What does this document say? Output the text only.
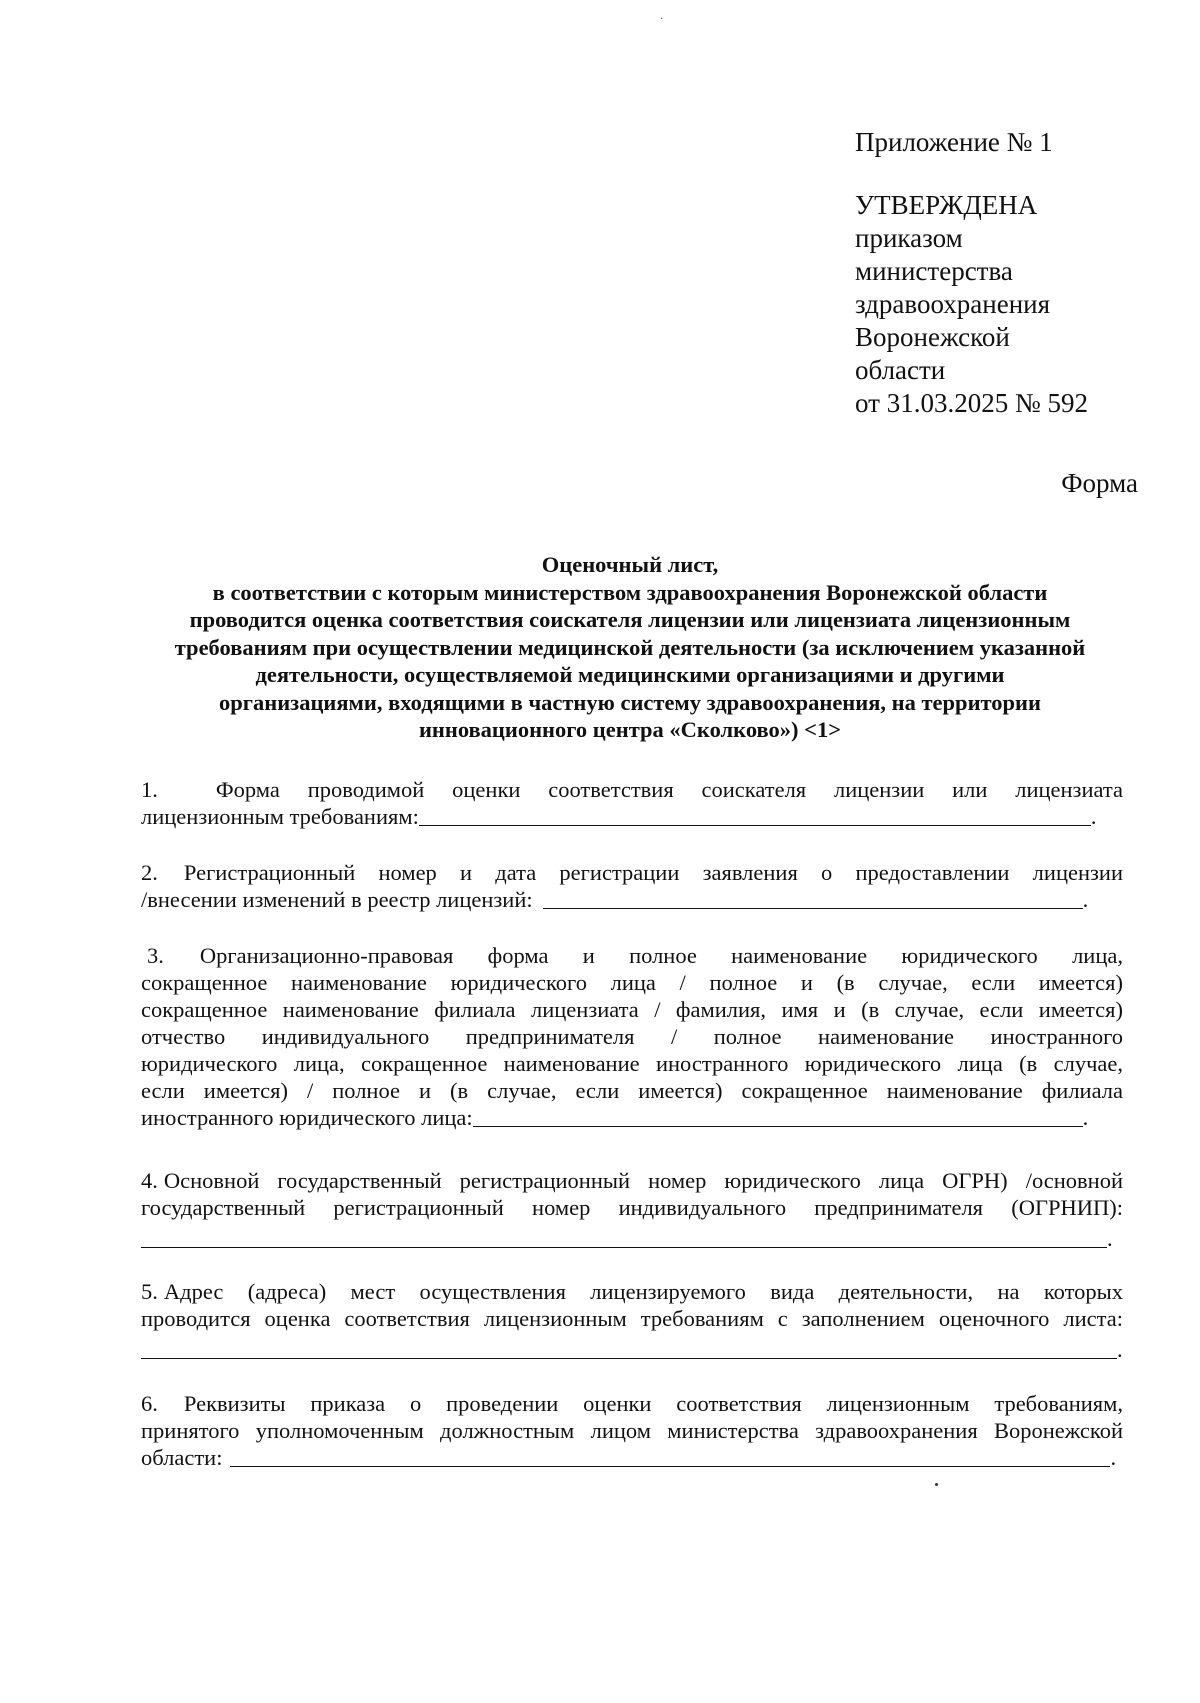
·
Приложение № 1
УТВЕРЖДЕНА
приказом
министерства
здравоохранения
Воронежской
области
от 31.03.2025 № 592
Форма
Оценочный лист,
в соответствии с которым министерством здравоохранения Воронежской области
проводится оценка соответствия соискателя лицензии или лицензиата лицензионным
требованиям при осуществлении медицинской деятельности (за исключением указанной
деятельности, осуществляемой медицинскими организациями и другими
организациями, входящими в частную систему здравоохранения, на территории
инновационного центра «Сколково») <1>
1.	Форма проводимой оценки соответствия соискателя лицензии или лицензиата
лицензионным требованиям:	.
2. Регистрационный номер и дата регистрации заявления о предоставлении лицензии
/внесении изменений в реестр лицензий:	.
3. Организационно-правовая форма и полное наименование юридического лица,
сокращенное наименование юридического лица / полное и (в случае, если имеется)
сокращенное наименование филиала лицензиата / фамилия, имя и (в случае, если имеется)
отчество индивидуального предпринимателя / полное наименование иностранного
юридического лица, сокращенное наименование иностранного юридического лица (в случае,
если имеется) / полное и (в случае, если имеется) сокращенное наименование филиала
иностранного юридического лица:	.
4. Основной государственный регистрационный номер юридического лица ОГРН) /основной
государственный регистрационный номер индивидуального предпринимателя (ОГРНИП):
.
5. Адрес (адреса) мест осуществления лицензируемого вида деятельности, на которых
проводится оценка соответствия лицензионным требованиям с заполнением оценочного листа:
.
6. Реквизиты приказа о проведении оценки соответствия лицензионным требованиям,
принятого уполномоченным должностным лицом министерства здравоохранения Воронежской
области:	.
